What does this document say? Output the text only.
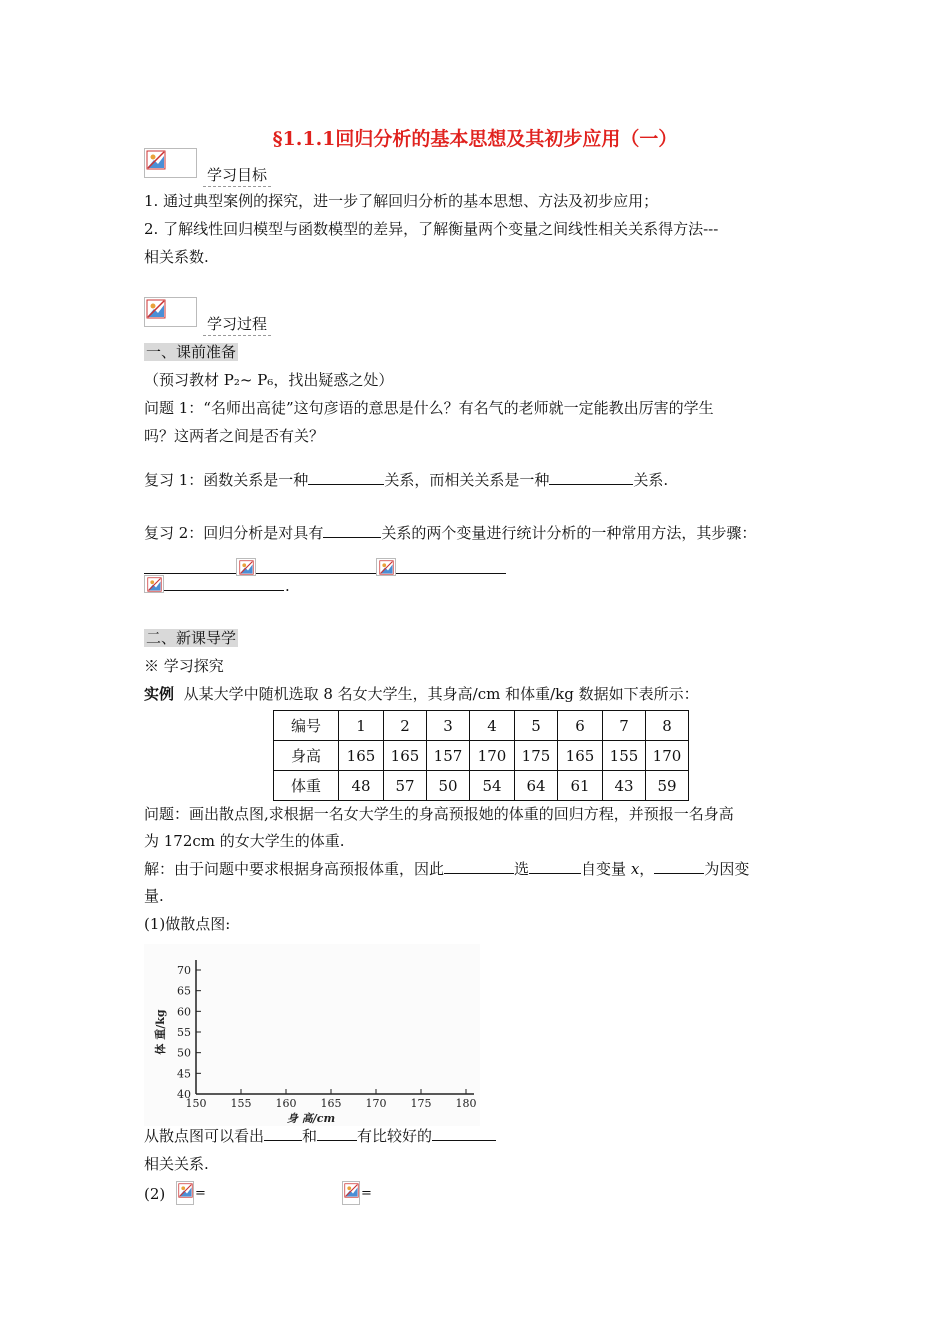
§1.1.1回归分析的基本思想及其初步应用（一）
学习目标
1. 通过典型案例的探究，进一步了解回归分析的基本思想、方法及初步应用；
2. 了解线性回归模型与函数模型的差异，了解衡量两个变量之间线性相关关系得方法---
相关系数.
学习过程
一、课前准备
（预习教材 P₂~ P₆，找出疑惑之处）
问题 1：“名师出高徒”这句彦语的意思是什么？有名气的老师就一定能教出厉害的学生
吗？这两者之间是否有关？
复习 1：函数关系是一种	关系，而相关关系是一种	关系.
复习 2：回归分析是对具有	关系的两个变量进行统计分析的一种常用方法，其步骤：
.
二、新课导学
※ 学习探究
实例 从某大学中随机选取 8 名女大学生，其身高/cm 和体重/kg 数据如下表所示：
编号	1	2	3	4	5	6	7	8
身高	165	165	157	170	175	165	155	170
体重	48	57	50	54	64	61	43	59
问题：画出散点图,求根据一名女大学生的身高预报她的体重的回归方程，并预报一名身高
为 172cm 的女大学生的体重.
解：由于问题中要求根据身高预报体重，因此	选	自变量 x，	为因变
量.
(1)做散点图:
150 155 160 165 170 175 180
40
45
50
55
60
65
70
身 高/cm
体 重/kg
从散点图可以看出	和	有比较好的
相关关系.
(2) =	=
